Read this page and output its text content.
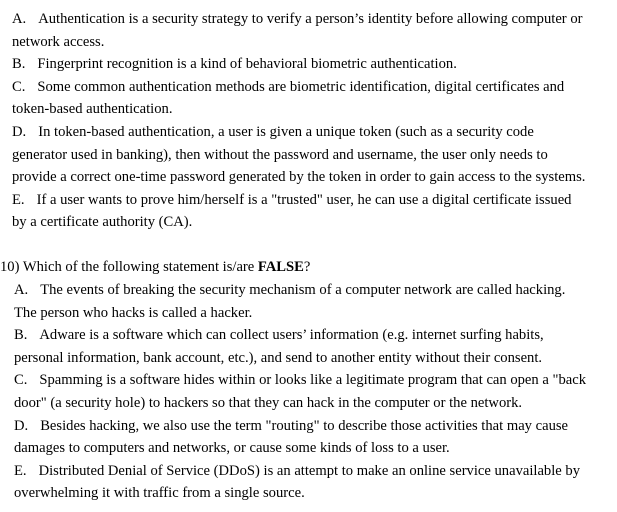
A. Authentication is a security strategy to verify a person’s identity before allowing computer or

network access.

B. Fingerprint recognition is a kind of behavioral biometric authentication.

C. Some common authentication methods are biometric identification, digital certificates and

token-based authentication.

D. In token-based authentication, a user is given a unique token (such as a security code

generator used in banking), then without the password and username, the user only needs to

provide a correct one-time password generated by the token in order to gain access to the systems.

E. If a user wants to prove him/herself is a "trusted" user, he can use a digital certificate issued

by a certificate authority (CA).

10) Which of the following statement is/are FALSE?

A. The events of breaking the security mechanism of a computer network are called hacking.

The person who hacks is called a hacker.

B. Adware is a software which can collect users’ information (e.g. internet surfing habits,

personal information, bank account, etc.), and send to another entity without their consent.

C. Spamming is a software hides within or looks like a legitimate program that can open a "back

door" (a security hole) to hackers so that they can hack in the computer or the network.

D. Besides hacking, we also use the term "routing" to describe those activities that may cause

damages to computers and networks, or cause some kinds of loss to a user.

E. Distributed Denial of Service (DDoS) is an attempt to make an online service unavailable by

overwhelming it with traffic from a single source.
